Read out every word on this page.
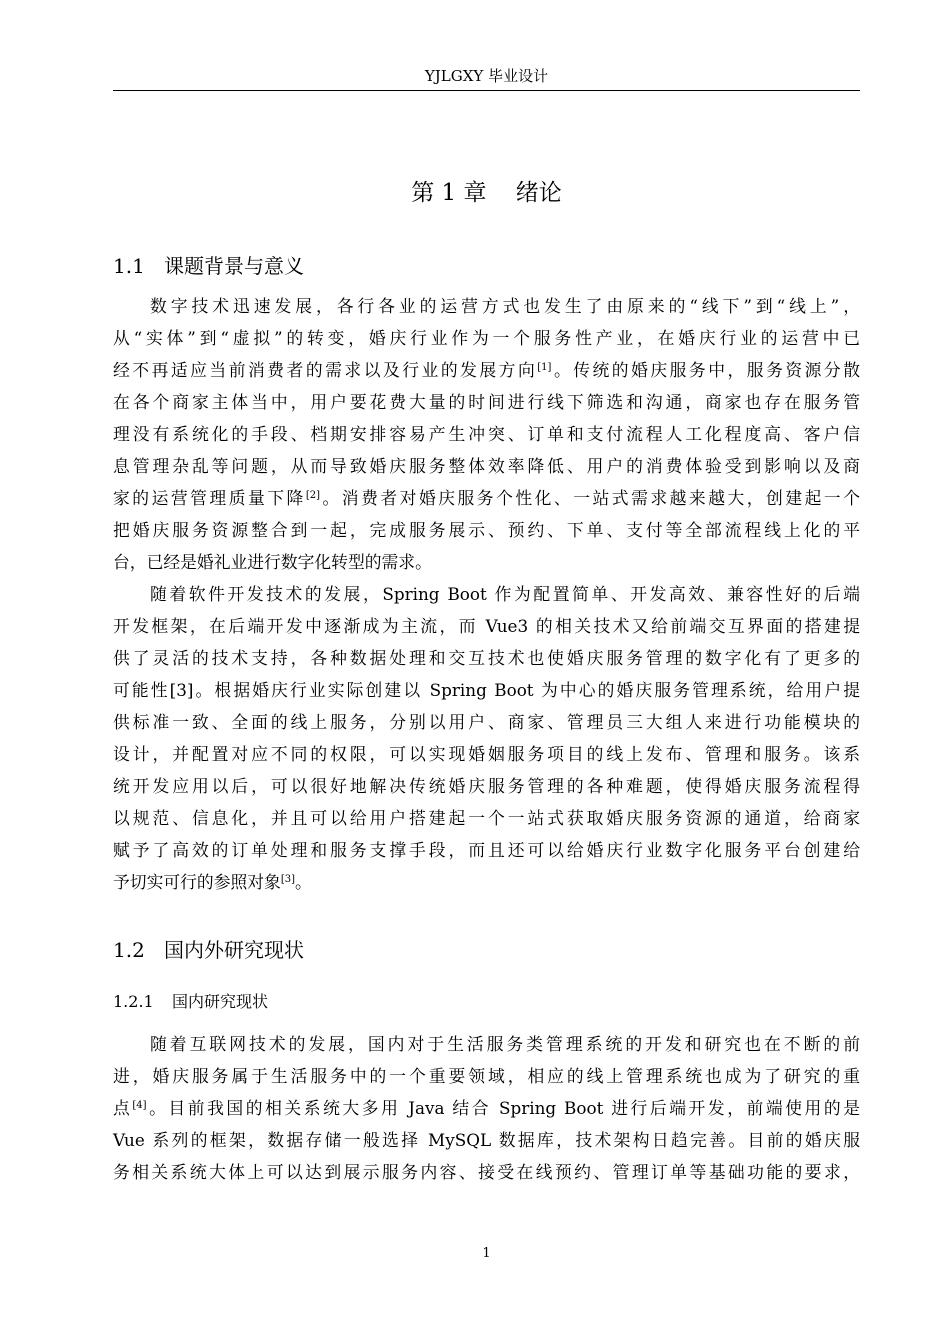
YJLGXY 毕业设计
第 1 章 绪论
1.1 课题背景与意义
数字技术迅速发展，各行各业的运营方式也发生了由原来的“线下”到“线上”，
从“实体”到“虚拟”的转变，婚庆行业作为一个服务性产业，在婚庆行业的运营中已
经不再适应当前消费者的需求以及行业的发展方向[1]。传统的婚庆服务中，服务资源分散
在各个商家主体当中，用户要花费大量的时间进行线下筛选和沟通，商家也存在服务管
理没有系统化的手段、档期安排容易产生冲突、订单和支付流程人工化程度高、客户信
息管理杂乱等问题，从而导致婚庆服务整体效率降低、用户的消费体验受到影响以及商
家的运营管理质量下降[2]。消费者对婚庆服务个性化、一站式需求越来越大，创建起一个
把婚庆服务资源整合到一起，完成服务展示、预约、下单、支付等全部流程线上化的平
台，已经是婚礼业进行数字化转型的需求。
随着软件开发技术的发展，Spring Boot 作为配置简单、开发高效、兼容性好的后端
开发框架，在后端开发中逐渐成为主流，而 Vue3 的相关技术又给前端交互界面的搭建提
供了灵活的技术支持，各种数据处理和交互技术也使婚庆服务管理的数字化有了更多的
可能性[3]。根据婚庆行业实际创建以 Spring Boot 为中心的婚庆服务管理系统，给用户提
供标准一致、全面的线上服务，分别以用户、商家、管理员三大组人来进行功能模块的
设计，并配置对应不同的权限，可以实现婚姻服务项目的线上发布、管理和服务。该系
统开发应用以后，可以很好地解决传统婚庆服务管理的各种难题，使得婚庆服务流程得
以规范、信息化，并且可以给用户搭建起一个一站式获取婚庆服务资源的通道，给商家
赋予了高效的订单处理和服务支撑手段，而且还可以给婚庆行业数字化服务平台创建给
予切实可行的参照对象[3]。
1.2 国内外研究现状
1.2.1 国内研究现状
随着互联网技术的发展，国内对于生活服务类管理系统的开发和研究也在不断的前
进，婚庆服务属于生活服务中的一个重要领域，相应的线上管理系统也成为了研究的重
点[4]。目前我国的相关系统大多用 Java 结合 Spring Boot 进行后端开发，前端使用的是
Vue 系列的框架，数据存储一般选择 MySQL 数据库，技术架构日趋完善。目前的婚庆服
务相关系统大体上可以达到展示服务内容、接受在线预约、管理订单等基础功能的要求，
1
